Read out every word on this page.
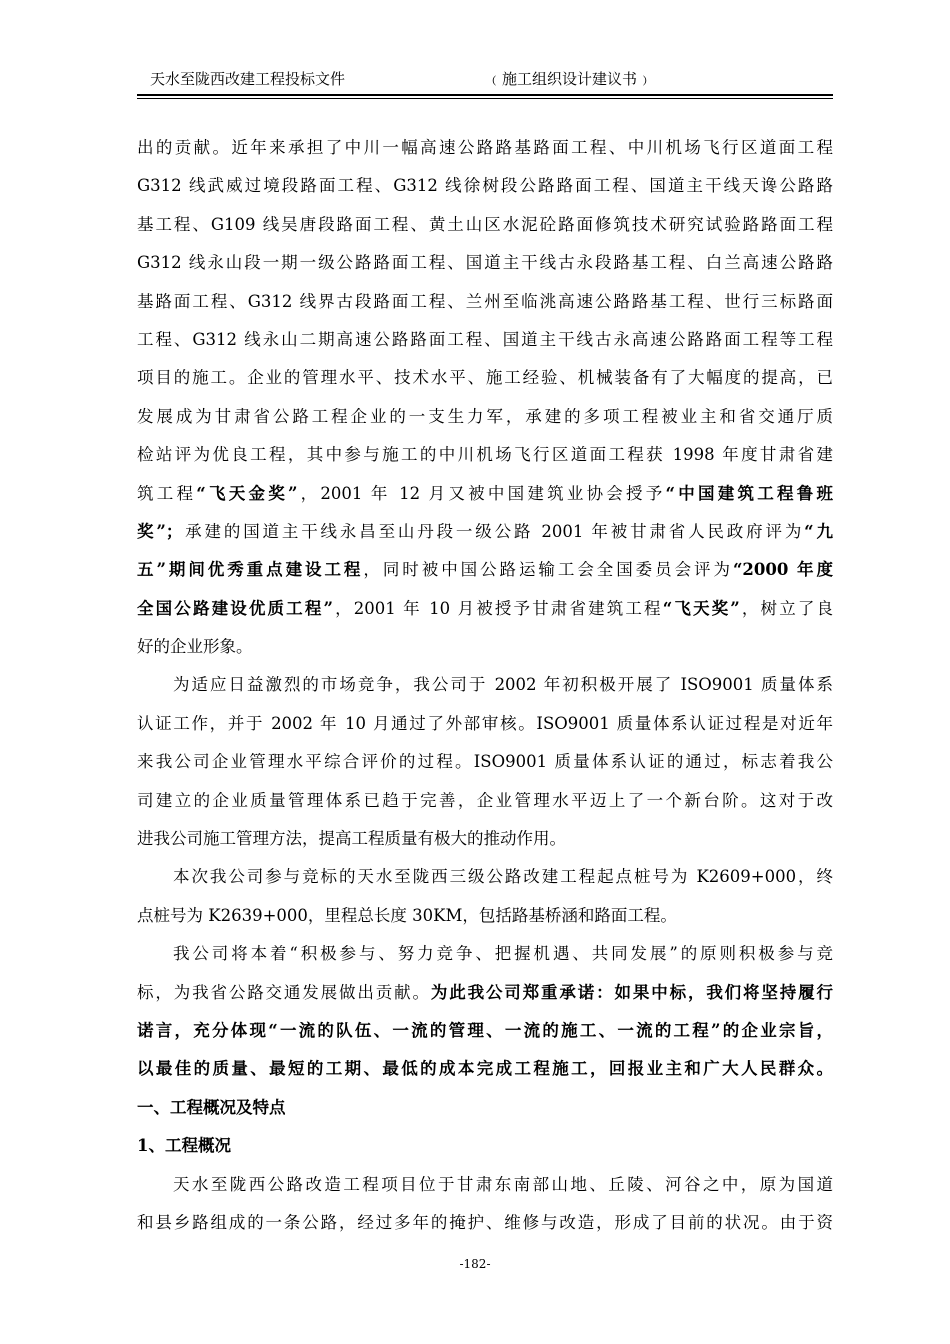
天水至陇西改建工程投标文件	﹙施工组织设计建议书﹚
出的贡献。近年来承担了中川一幅高速公路路基路面工程、中川机场飞行区道面工程
G312 线武威过境段路面工程、G312 线徐树段公路路面工程、国道主干线天谗公路路
基工程、G109 线吴唐段路面工程、黄土山区水泥砼路面修筑技术研究试验路路面工程
G312 线永山段一期一级公路路面工程、国道主干线古永段路基工程、白兰高速公路路
基路面工程、G312 线界古段路面工程、兰州至临洮高速公路路基工程、世行三标路面
工程、G312 线永山二期高速公路路面工程、国道主干线古永高速公路路面工程等工程
项目的施工。企业的管理水平、技术水平、施工经验、机械装备有了大幅度的提高，已
发展成为甘肃省公路工程企业的一支生力军，承建的多项工程被业主和省交通厅质
检站评为优良工程，其中参与施工的中川机场飞行区道面工程获 1998 年度甘肃省建
筑工程“飞天金奖”，2001 年 12 月又被中国建筑业协会授予“中国建筑工程鲁班
奖”；承建的国道主干线永昌至山丹段一级公路 2001 年被甘肃省人民政府评为“九
五”期间优秀重点建设工程，同时被中国公路运输工会全国委员会评为“2000 年度
全国公路建设优质工程”，2001 年 10 月被授予甘肃省建筑工程“飞天奖”，树立了良
好的企业形象。
为适应日益激烈的市场竞争，我公司于 2002 年初积极开展了 ISO9001 质量体系
认证工作，并于 2002 年 10 月通过了外部审核。ISO9001 质量体系认证过程是对近年
来我公司企业管理水平综合评价的过程。ISO9001 质量体系认证的通过，标志着我公
司建立的企业质量管理体系已趋于完善，企业管理水平迈上了一个新台阶。这对于改
进我公司施工管理方法，提高工程质量有极大的推动作用。
本次我公司参与竞标的天水至陇西三级公路改建工程起点桩号为 K2609+000，终
点桩号为 K2639+000，里程总长度 30KM，包括路基桥涵和路面工程。
我公司将本着“积极参与、努力竞争、把握机遇、共同发展”的原则积极参与竞
标，为我省公路交通发展做出贡献。为此我公司郑重承诺：如果中标，我们将坚持履行
诺言，充分体现“一流的队伍、一流的管理、一流的施工、一流的工程”的企业宗旨，
以最佳的质量、最短的工期、最低的成本完成工程施工，回报业主和广大人民群众。
一、工程概况及特点
1、工程概况
天水至陇西公路改造工程项目位于甘肃东南部山地、丘陵、河谷之中，原为国道
和县乡路组成的一条公路，经过多年的掩护、维修与改造，形成了目前的状况。由于资
-182-
